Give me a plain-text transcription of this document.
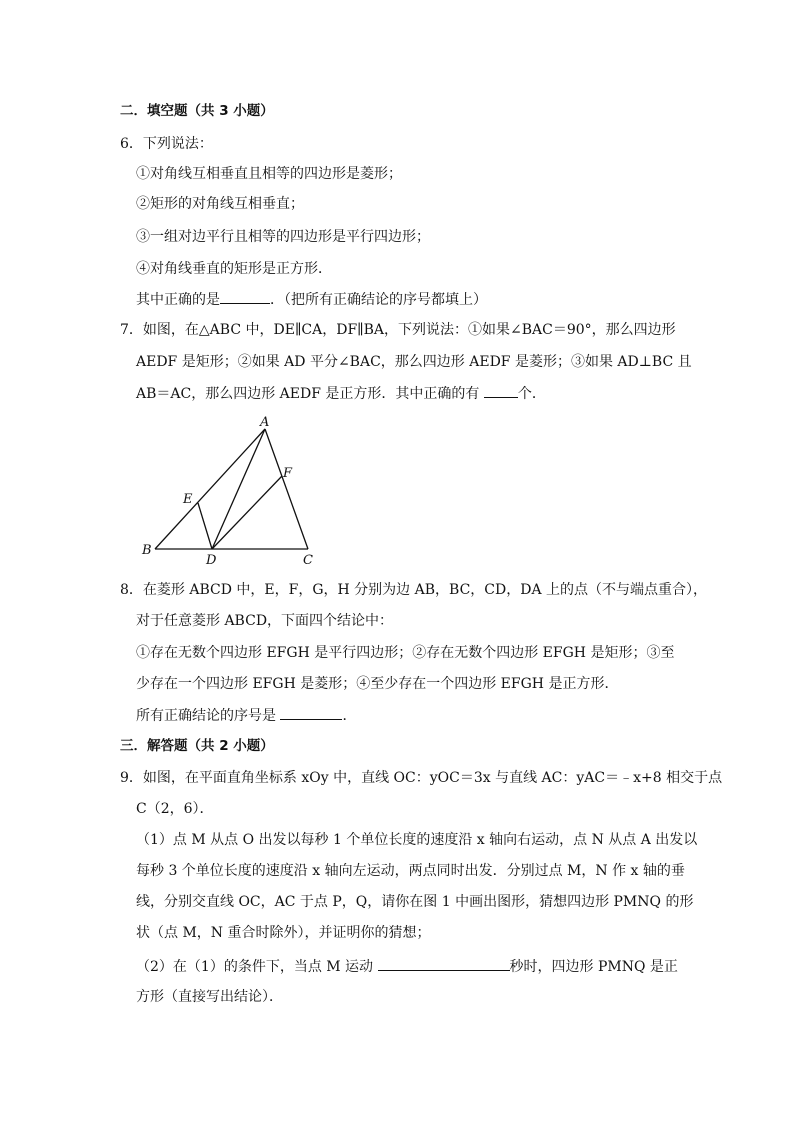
二．填空题（共 3 小题）
6．下列说法：
①对角线互相垂直且相等的四边形是菱形；
②矩形的对角线互相垂直；
③一组对边平行且相等的四边形是平行四边形；
④对角线垂直的矩形是正方形．
其中正确的是	．（把所有正确结论的序号都填上）
7．如图，在△ABC 中，DE∥CA，DF∥BA，下列说法：①如果∠BAC＝90°，那么四边形
AEDF 是矩形；②如果 AD 平分∠BAC，那么四边形 AEDF 是菱形；③如果 AD⊥BC 且
AB＝AC，那么四边形 AEDF 是正方形．其中正确的有	个．
A
B
C
D
E
F
8．在菱形 ABCD 中，E，F，G，H 分别为边 AB，BC，CD，DA 上的点（不与端点重合），
对于任意菱形 ABCD，下面四个结论中：
①存在无数个四边形 EFGH 是平行四边形；②存在无数个四边形 EFGH 是矩形；③至
少存在一个四边形 EFGH 是菱形；④至少存在一个四边形 EFGH 是正方形．
所有正确结论的序号是	．
三．解答题（共 2 小题）
9．如图，在平面直角坐标系 xOy 中，直线 OC：yOC＝3x 与直线 AC：yAC＝﹣x+8 相交于点
C（2，6）．
（1）点 M 从点 O 出发以每秒 1 个单位长度的速度沿 x 轴向右运动，点 N 从点 A 出发以
每秒 3 个单位长度的速度沿 x 轴向左运动，两点同时出发．分别过点 M，N 作 x 轴的垂
线，分别交直线 OC，AC 于点 P，Q，请你在图 1 中画出图形，猜想四边形 PMNQ 的形
状（点 M，N 重合时除外），并证明你的猜想；
（2）在（1）的条件下，当点 M 运动	秒时，四边形 PMNQ 是正
方形（直接写出结论）．
